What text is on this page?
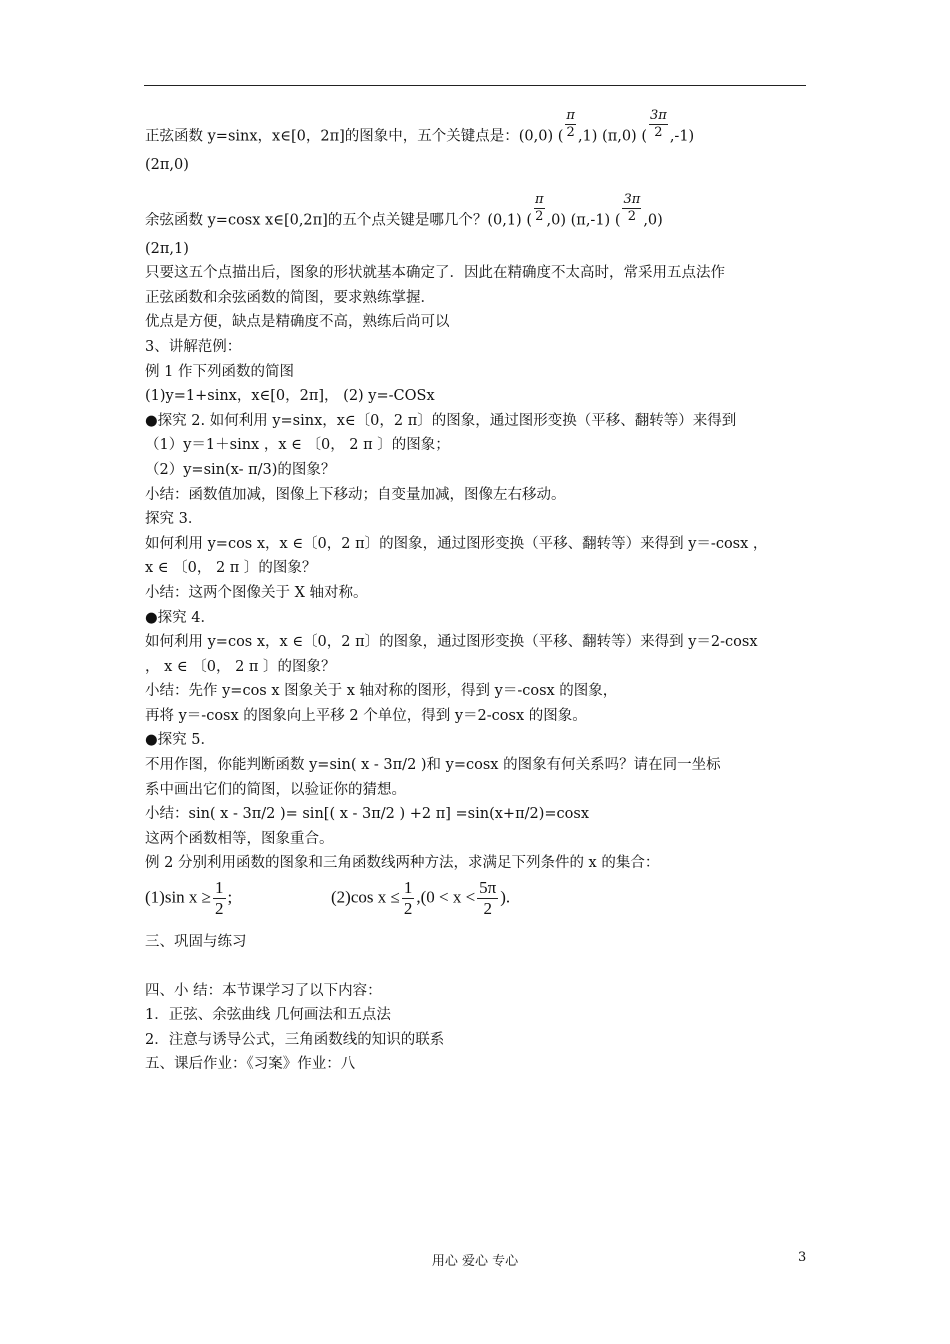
正弦函数 y=sinx，x∈[0，2π]的图象中，五个关键点是：(0,0) ( $\frac{\pi}{2} ,1$) (π,0) ( $\frac{3\pi}{2} ,-1$)
(2π,0)
余弦函数 y=cosx x∈[0,2π]的五个点关键是哪几个？(0,1) ( $\frac{\pi}{2} ,0$) (π,-1) ( $\frac{3\pi}{2} ,0$)
(2π,1)
只要这五个点描出后，图象的形状就基本确定了．因此在精确度不太高时，常采用五点法作
正弦函数和余弦函数的简图，要求熟练掌握．
优点是方便，缺点是精确度不高，熟练后尚可以
3、讲解范例：
例 1 作下列函数的简图
(1)y=1+sinx，x∈[0，2π]， (2) y=-COSx
●探究 2. 如何利用 y=sinx，x∈〔0，2 π〕的图象，通过图形变换（平移、翻转等）来得到
（1）y＝1＋sinx ，x ∈ 〔0， 2 π 〕的图象；
（2）y=sin(x- π/3)的图象？
小结：函数值加减，图像上下移动；自变量加减，图像左右移动。
探究 3．
如何利用 y=cos x，x ∈〔0，2 π〕的图象，通过图形变换（平移、翻转等）来得到 y＝-cosx ，
x ∈ 〔0， 2 π 〕的图象？
小结：这两个图像关于 X 轴对称。
●探究 4．
如何利用 y=cos x，x ∈〔0，2 π〕的图象，通过图形变换（平移、翻转等）来得到 y＝2-cosx
， x ∈ 〔0， 2 π 〕的图象？
小结：先作 y=cos x 图象关于 x 轴对称的图形，得到 y＝-cosx 的图象，
再将 y＝-cosx 的图象向上平移 2 个单位，得到 y＝2-cosx 的图象。
●探究 5．
不用作图，你能判断函数 y=sin( x - 3π/2 )和 y=cosx 的图象有何关系吗？请在同一坐标
系中画出它们的简图，以验证你的猜想。
小结：sin( x - 3π/2 )= sin[( x - 3π/2 ) +2 π] =sin(x+π/2)=cosx
这两个函数相等，图象重合。
例 2 分别利用函数的图象和三角函数线两种方法，求满足下列条件的 x 的集合：
(1)sin $x \ge \frac{1}{2}$ ;	(2)cos $x \le \frac{1}{2} ,(0 < x < \frac{5\pi}{2}$ ).
三、巩固与练习
四、小 结：本节课学习了以下内容：
1．正弦、余弦曲线 几何画法和五点法
2．注意与诱导公式，三角函数线的知识的联系
五、课后作业：《习案》作业：八
用心 爱心 专心	3
